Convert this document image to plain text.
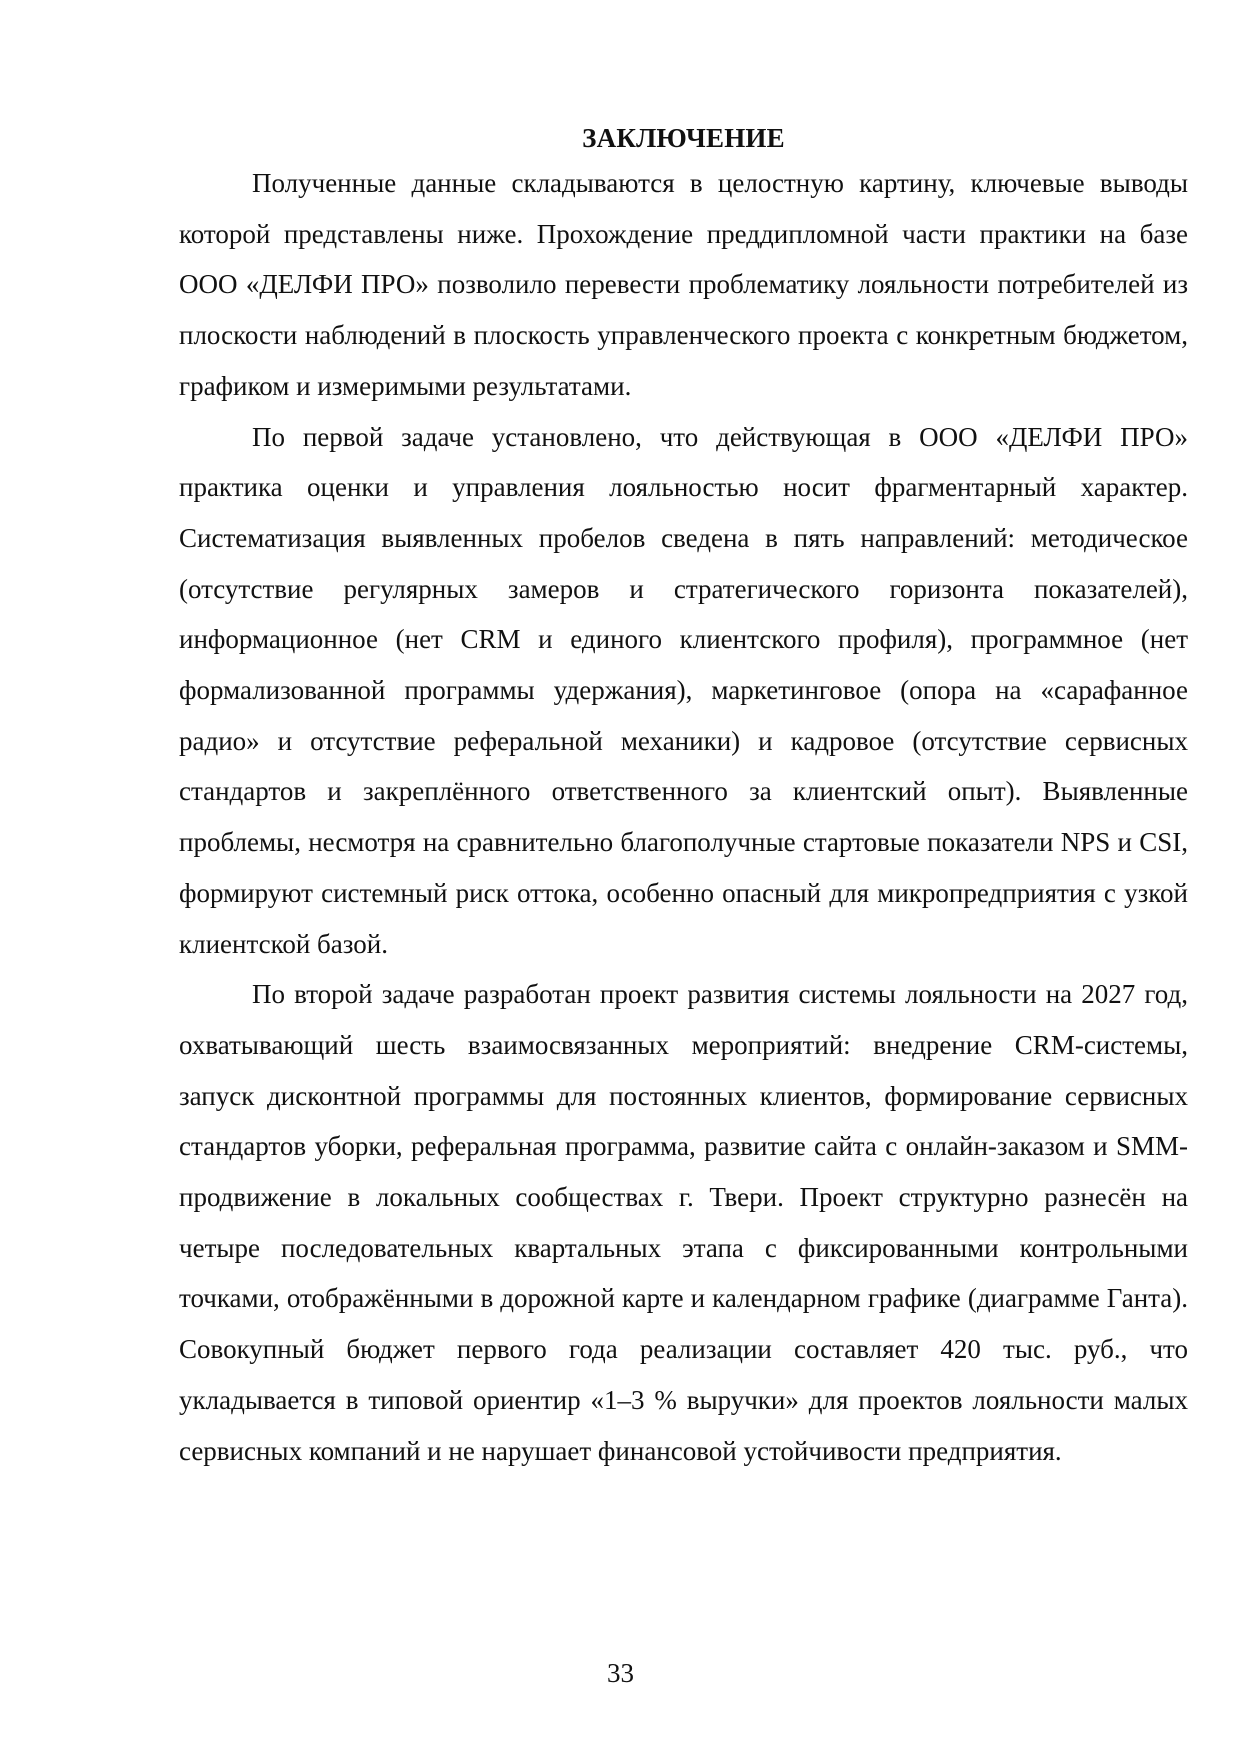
ЗАКЛЮЧЕНИЕ

Полученные данные складываются в целостную картину, ключевые выводы которой представлены ниже. Прохождение преддипломной части практики на базе ООО «ДЕЛФИ ПРО» позволило перевести проблематику лояльности потребителей из плоскости наблюдений в плоскость управленческого проекта с конкретным бюджетом, графиком и измеримыми результатами.

По первой задаче установлено, что действующая в ООО «ДЕЛФИ ПРО» практика оценки и управления лояльностью носит фрагментарный характер. Систематизация выявленных пробелов сведена в пять направлений: методическое (отсутствие регулярных замеров и стратегического горизонта показателей), информационное (нет CRM и единого клиентского профиля), программное (нет формализованной программы удержания), маркетинговое (опора на «сарафанное радио» и отсутствие реферальной механики) и кадровое (отсутствие сервисных стандартов и закреплённого ответственного за клиентский опыт). Выявленные проблемы, несмотря на сравнительно благополучные стартовые показатели NPS и CSI, формируют системный риск оттока, особенно опасный для микропредприятия с узкой клиентской базой.

По второй задаче разработан проект развития системы лояльности на 2027 год, охватывающий шесть взаимосвязанных мероприятий: внедрение CRM-системы, запуск дисконтной программы для постоянных клиентов, формирование сервисных стандартов уборки, реферальная программа, развитие сайта с онлайн-заказом и SMM-продвижение в локальных сообществах г. Твери. Проект структурно разнесён на четыре последовательных квартальных этапа с фиксированными контрольными точками, отображёнными в дорожной карте и календарном графике (диаграмме Ганта). Совокупный бюджет первого года реализации составляет 420 тыс. руб., что укладывается в типовой ориентир «1–3 % выручки» для проектов лояльности малых сервисных компаний и не нарушает финансовой устойчивости предприятия.

33
